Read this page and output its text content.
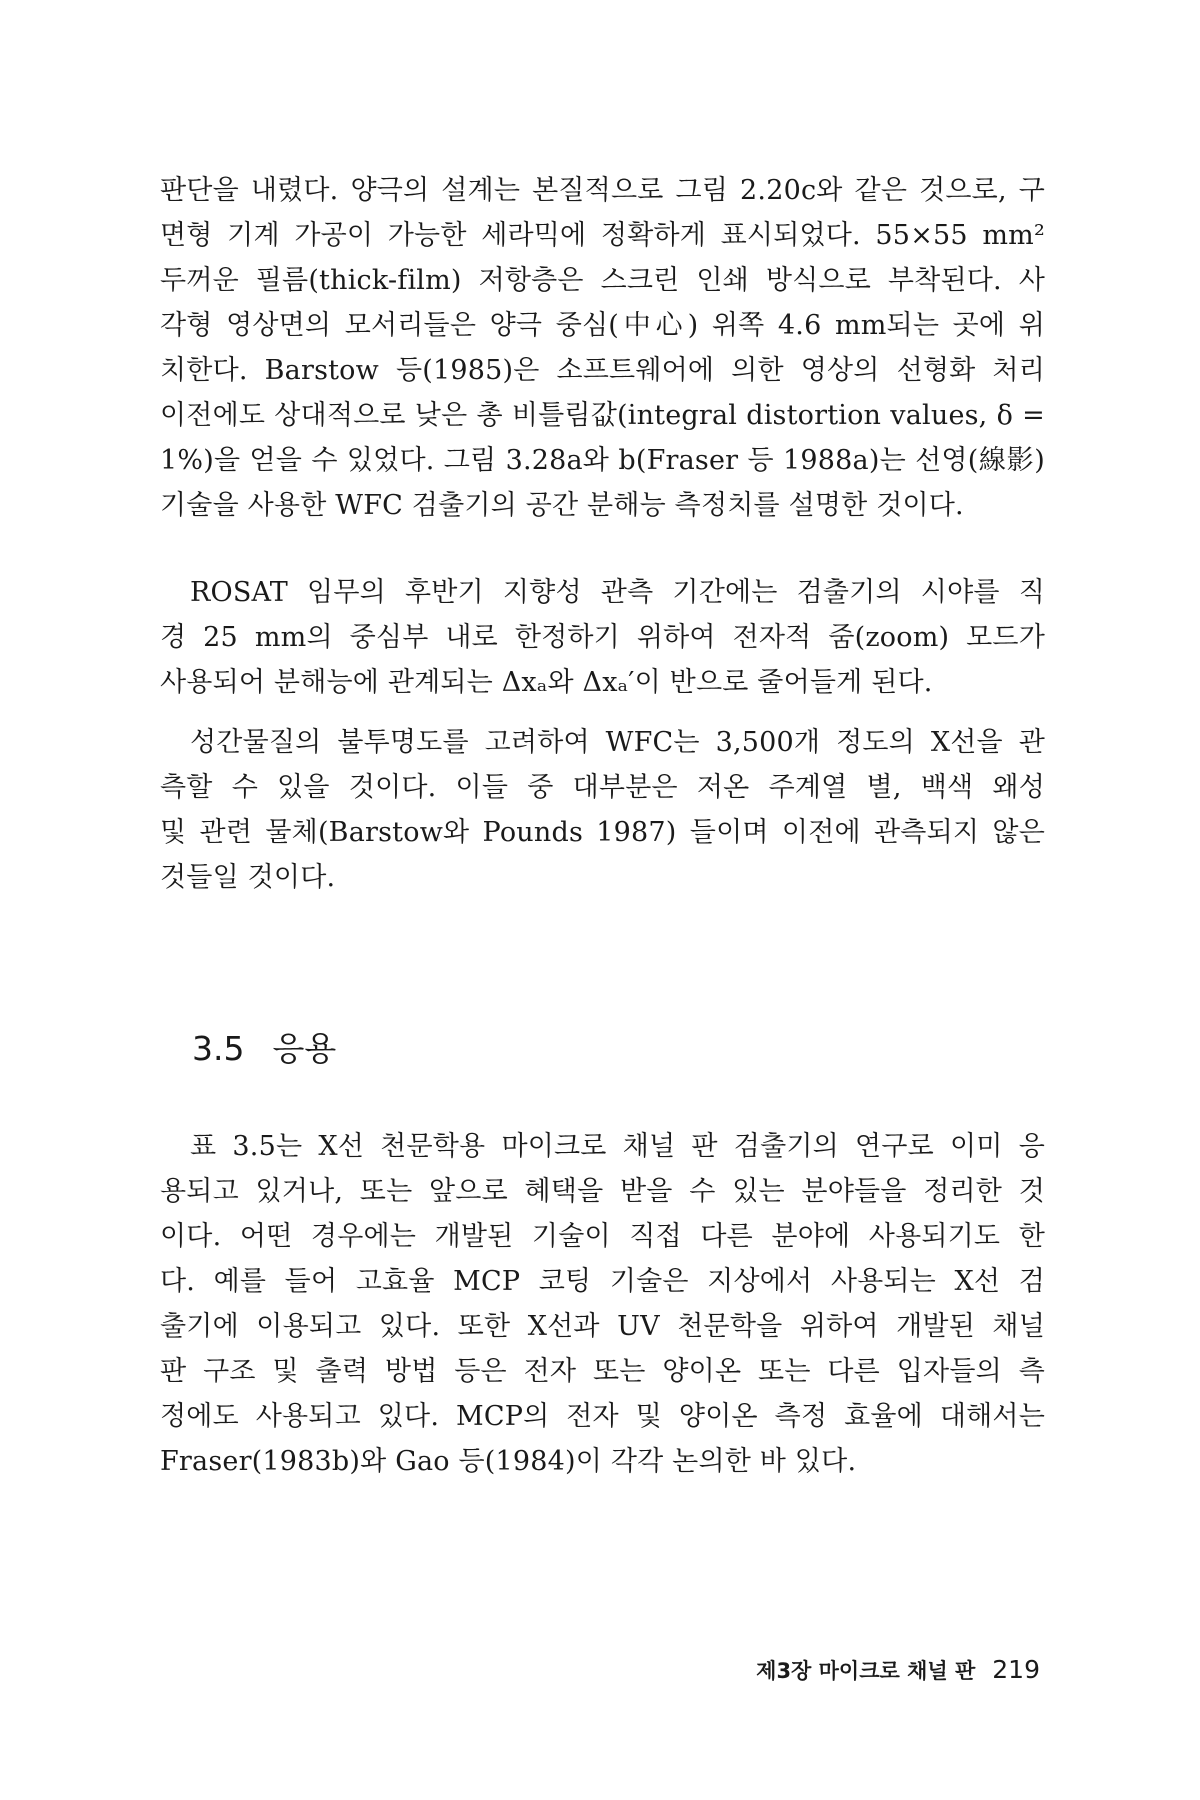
판단을 내렸다. 양극의 설계는 본질적으로 그림 2.20c와 같은 것으로, 구
면형 기계 가공이 가능한 세라믹에 정확하게 표시되었다. 55×55 mm²
두꺼운 필름(thick-film) 저항층은 스크린 인쇄 방식으로 부착된다. 사
각형 영상면의 모서리들은 양극 중심(中心) 위쪽 4.6 mm되는 곳에 위
치한다. Barstow 등(1985)은 소프트웨어에 의한 영상의 선형화 처리
이전에도 상대적으로 낮은 총 비틀림값(integral distortion values, δ =
1%)을 얻을 수 있었다. 그림 3.28a와 b(Fraser 등 1988a)는 선영(線影)
기술을 사용한 WFC 검출기의 공간 분해능 측정치를 설명한 것이다.
ROSAT 임무의 후반기 지향성 관측 기간에는 검출기의 시야를 직
경 25 mm의 중심부 내로 한정하기 위하여 전자적 줌(zoom) 모드가
사용되어 분해능에 관계되는 Δxₐ와 Δxₐ′이 반으로 줄어들게 된다.
성간물질의 불투명도를 고려하여 WFC는 3,500개 정도의 X선을 관
측할 수 있을 것이다. 이들 중 대부분은 저온 주계열 별, 백색 왜성
및 관련 물체(Barstow와 Pounds 1987) 들이며 이전에 관측되지 않은
것들일 것이다.
3.5 응용
표 3.5는 X선 천문학용 마이크로 채널 판 검출기의 연구로 이미 응
용되고 있거나, 또는 앞으로 혜택을 받을 수 있는 분야들을 정리한 것
이다. 어떤 경우에는 개발된 기술이 직접 다른 분야에 사용되기도 한
다. 예를 들어 고효율 MCP 코팅 기술은 지상에서 사용되는 X선 검
출기에 이용되고 있다. 또한 X선과 UV 천문학을 위하여 개발된 채널
판 구조 및 출력 방법 등은 전자 또는 양이온 또는 다른 입자들의 측
정에도 사용되고 있다. MCP의 전자 및 양이온 측정 효율에 대해서는
Fraser(1983b)와 Gao 등(1984)이 각각 논의한 바 있다.
제3장 마이크로 채널 판 219
